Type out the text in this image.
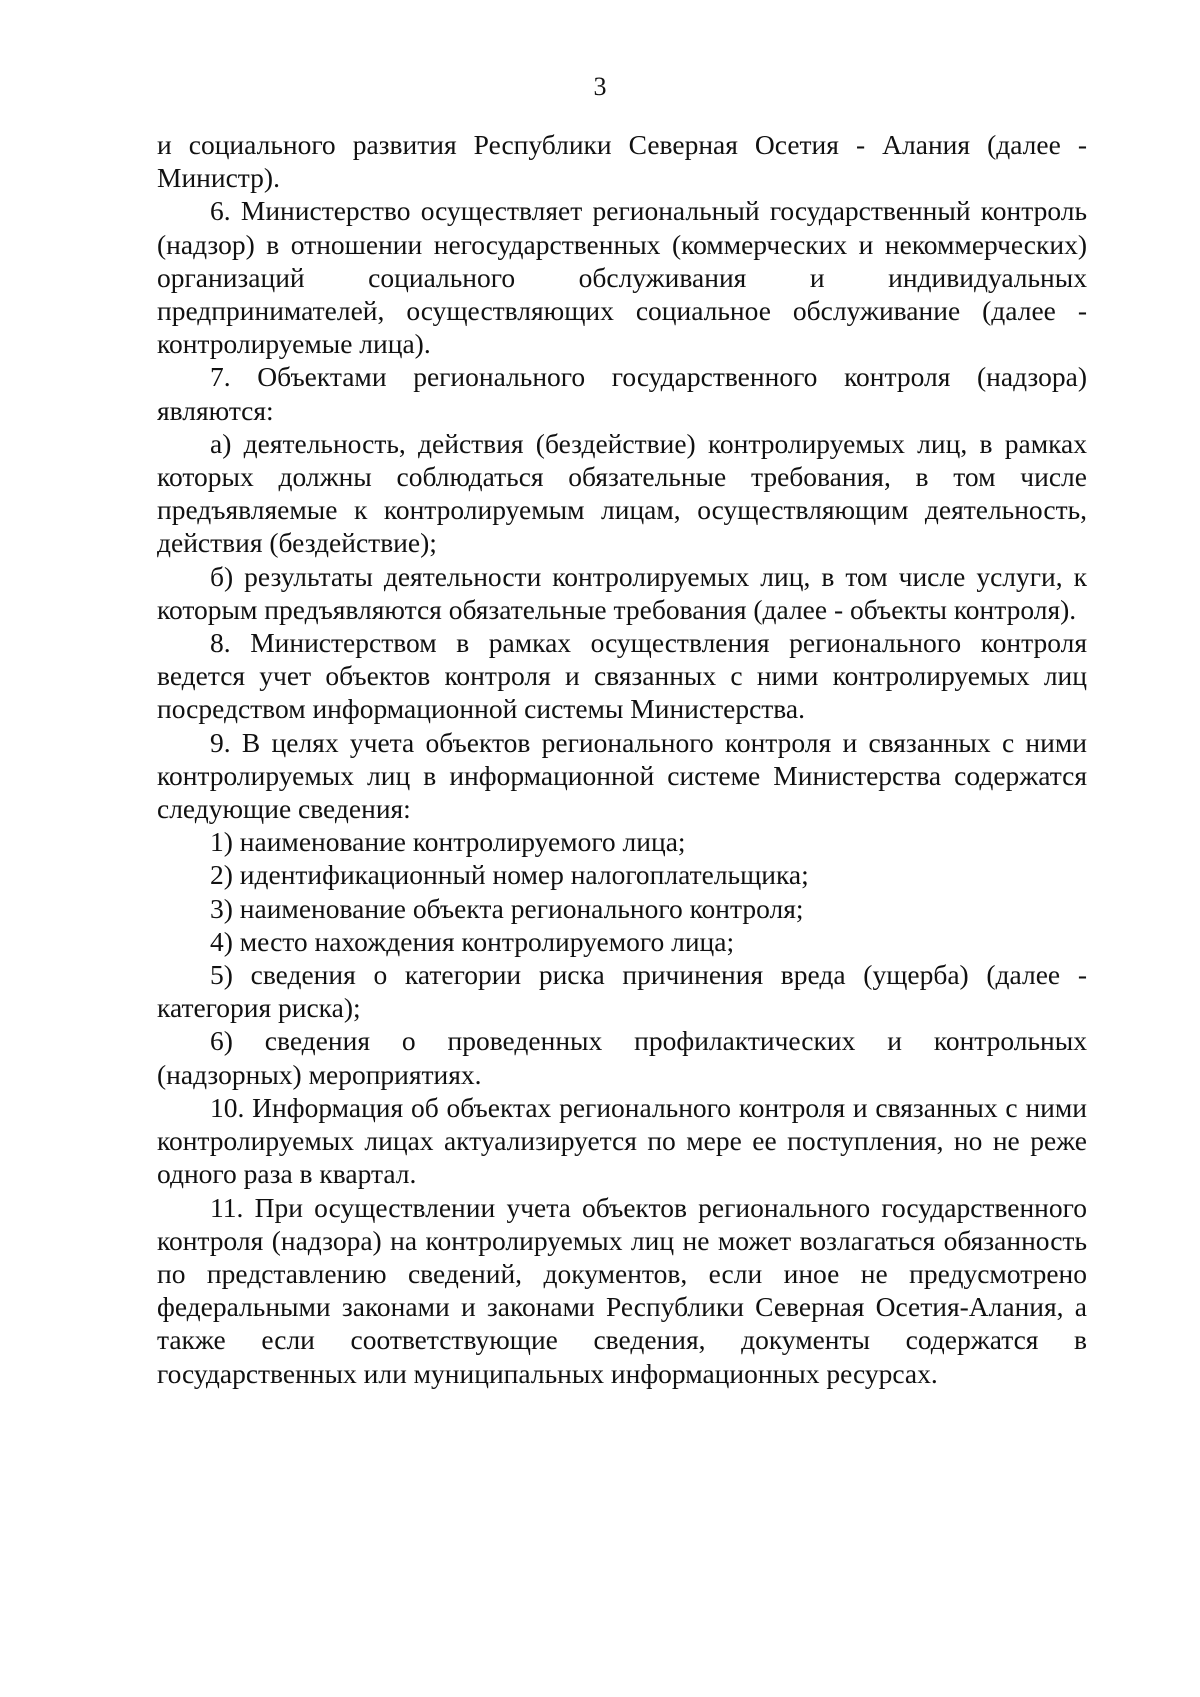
3

и социального развития Республики Северная Осетия - Алания (далее - Министр).

6. Министерство осуществляет региональный государственный контроль (надзор) в отношении негосударственных (коммерческих и некоммерческих) организаций социального обслуживания и индивидуальных предпринимателей, осуществляющих социальное обслуживание (далее - контролируемые лица).

7. Объектами регионального государственного контроля (надзора) являются:

а) деятельность, действия (бездействие) контролируемых лиц, в рамках которых должны соблюдаться обязательные требования, в том числе предъявляемые к контролируемым лицам, осуществляющим деятельность, действия (бездействие);

б) результаты деятельности контролируемых лиц, в том числе услуги, к которым предъявляются обязательные требования (далее - объекты контроля).

8. Министерством в рамках осуществления регионального контроля ведется учет объектов контроля и связанных с ними контролируемых лиц посредством информационной системы Министерства.

9. В целях учета объектов регионального контроля и связанных с ними контролируемых лиц в информационной системе Министерства содержатся следующие сведения:

1) наименование контролируемого лица;

2) идентификационный номер налогоплательщика;

3) наименование объекта регионального контроля;

4) место нахождения контролируемого лица;

5) сведения о категории риска причинения вреда (ущерба) (далее - категория риска);

6) сведения о проведенных профилактических и контрольных (надзорных) мероприятиях.

10. Информация об объектах регионального контроля и связанных с ними контролируемых лицах актуализируется по мере ее поступления, но не реже одного раза в квартал.

11. При осуществлении учета объектов регионального государственного контроля (надзора) на контролируемых лиц не может возлагаться обязанность по представлению сведений, документов, если иное не предусмотрено федеральными законами и законами Республики Северная Осетия-Алания, а также если соответствующие сведения, документы содержатся в государственных или муниципальных информационных ресурсах.
